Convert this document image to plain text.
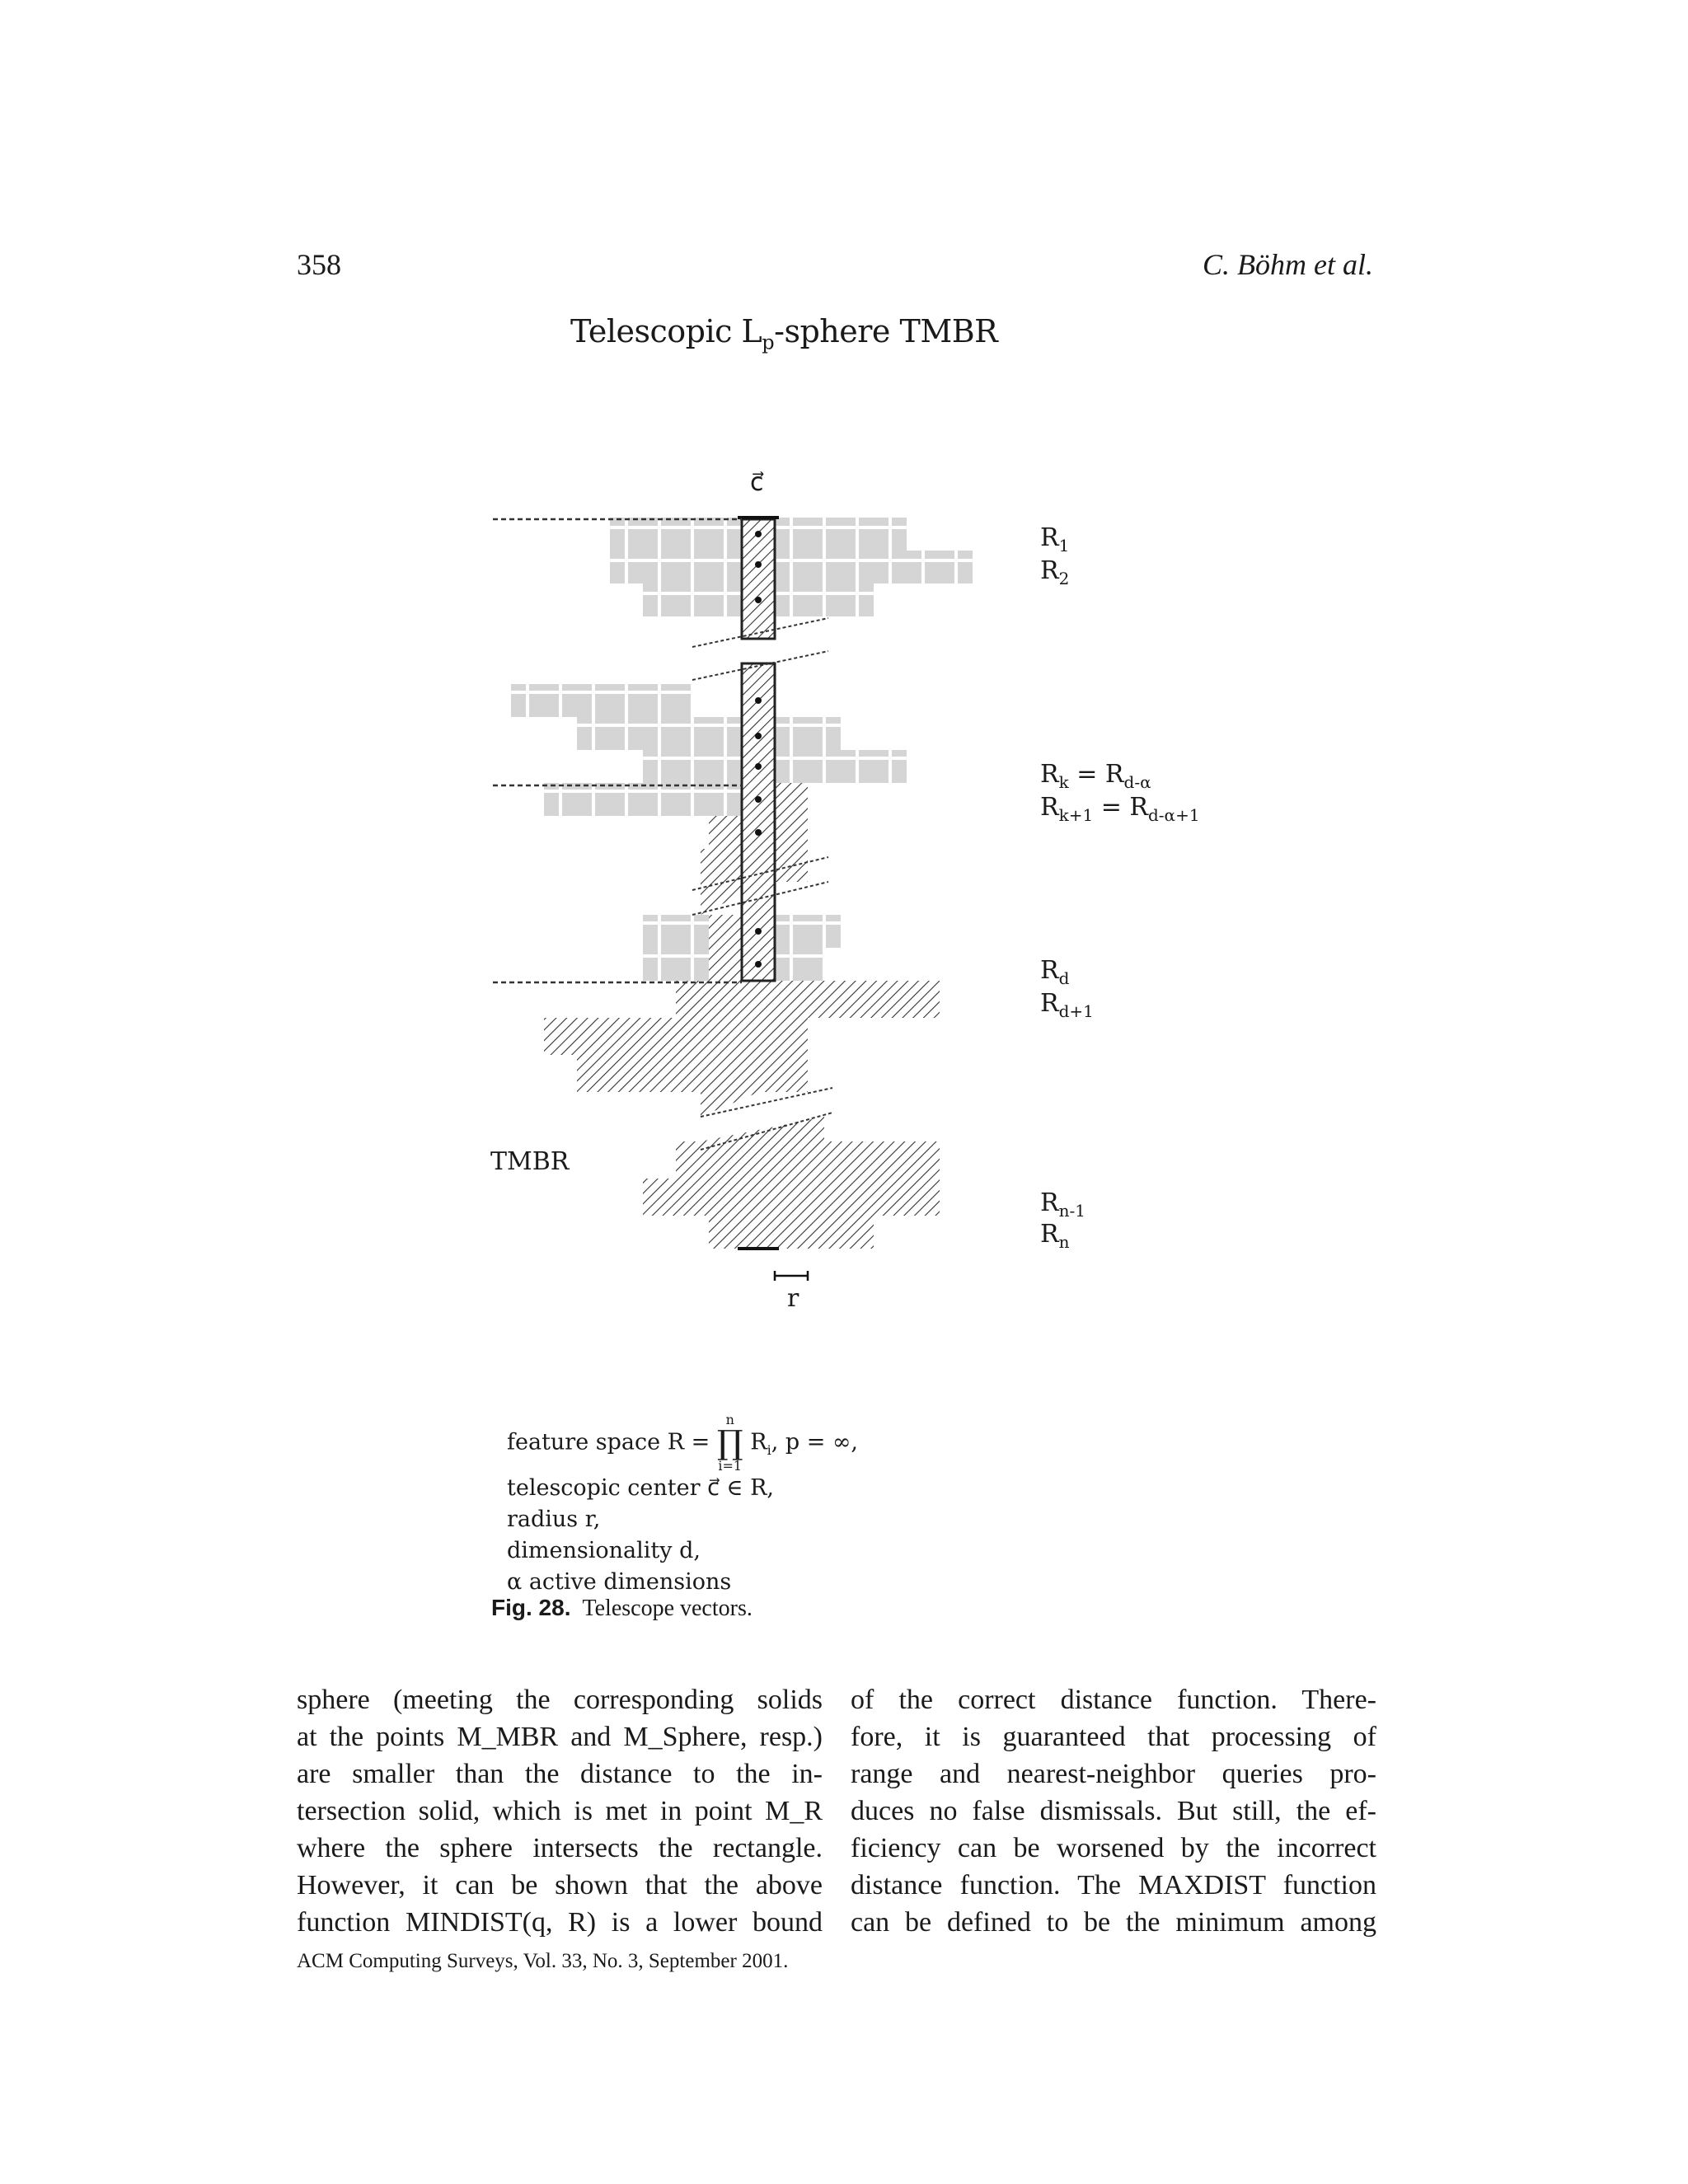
358	C. Böhm et al.
Telescopic $L_p$-sphere TMBR
c⃗
TMBR
r
$R_1$
$R_2$
$R_k = R_{d-\alpha}$
$R_{k+1} = R_{d-\alpha+1}$
$R_d$
$R_{d+1}$
$R_{n-1}$
$R_n$
feature space R =
n
∏
i=1
$R_i$, p = ∞,
telescopic center c⃗ ∈ R,
radius r,
dimensionality d,
α active dimensions
Fig. 28. Telescope vectors.
sphere (meeting the corresponding solids
at the points M_MBR and M_Sphere, resp.)
are smaller than the distance to the in-
tersection solid, which is met in point M_R
where the sphere intersects the rectangle.
However, it can be shown that the above
function MINDIST(q, R) is a lower bound
of the correct distance function. There-
fore, it is guaranteed that processing of
range and nearest-neighbor queries pro-
duces no false dismissals. But still, the ef-
ficiency can be worsened by the incorrect
distance function. The MAXDIST function
can be defined to be the minimum among
ACM Computing Surveys, Vol. 33, No. 3, September 2001.
